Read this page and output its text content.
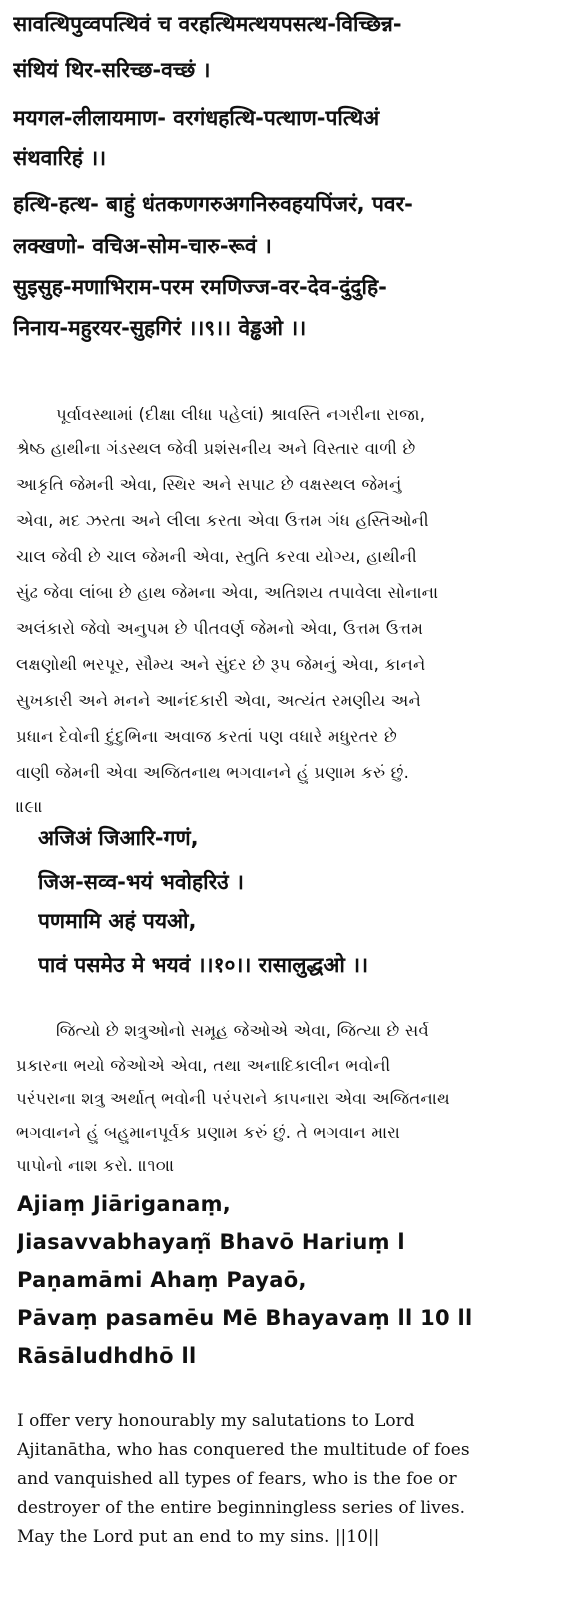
सावत्थिपुव्वपत्थिवं च वरहत्थिमत्थयपसत्थ-विच्छिन्न-
संथियं थिर-सरिच्छ-वच्छं ।
मयगल-लीलायमाण- वरगंधहत्थि-पत्थाण-पत्थिअं
संथवारिहं ।।
हत्थि-हत्थ- बाहुं धंतकणगरुअगनिरुवहयपिंजरं, पवर-
लक्खणो- वचिअ-सोम-चारु-रूवं ।
सुइसुह-मणाभिराम-परम रमणिज्ज-वर-देव-दुंदुहि-
निनाय-महुरयर-सुहगिरं ।।९।। वेड्ढओ ।।
પૂર્વાવસ્થામાં (દીક્ષા લીધા પહેલાં) શ્રાવસ્તિ નગરીના રાજા,
શ્રેષ્ઠ હાથીના ગંડસ્થલ જેવી પ્રશંસનીય અને વિસ્તાર વાળી છે
આકૃતિ જેમની એવા, સ્થિર અને સપાટ છે વક્ષસ્થલ જેમનું
એવા, મદ ઝરતા અને લીલા કરતા એવા ઉત્તમ ગંધ હસ્તિઓની
ચાલ જેવી છે ચાલ જેમની એવા, સ્તુતિ કરવા યોગ્ય, હાથીની
સુંઢ જેવા લાંબા છે હાથ જેમના એવા, અતિશય તપાવેલા સોનાના
અલંકારો જેવો અનુપમ છે પીતવર્ણ જેમનો એવા, ઉત્તમ ઉત્તમ
લક્ષણોથી ભરપૂર, સૌમ્ય અને સુંદર છે રૂપ જેમનું એવા, કાનને
સુખકારી અને મનને આનંદકારી એવા, અત્યંત રમણીય અને
પ્રધાન દેવોની દુંદુભિના અવાજ કરતાં પણ વધારે મધુરતર છે
વાણી જેમની એવા અજિતનાથ ભગવાનને હું પ્રણામ કરું છું.
॥૯॥
अजिअं जिआरि-गणं,
जिअ-सव्व-भयं भवोहरिउं ।
पणमामि अहं पयओ,
पावं पसमेउ मे भयवं ।।१०।। रासालुद्धओ ।।
જિત્યો છે શત્રુઓનો સમૂહ જેઓએ એવા, જિત્યા છે સર્વ
પ્રકારના ભયો જેઓએ એવા, તથા અનાદિકાલીન ભવોની
પરંપરાના શત્રુ અર્થાત્ ભવોની પરંપરાને કાપનારા એવા અજિતનાથ
ભગવાનને હું બહુમાનપૂર્વક પ્રણામ કરું છું. તે ભગવાન મારા
પાપોનો નાશ કરો. ॥૧૦॥
Ajiaṃ Jiāriganaṃ,
Jiasavvabhayaṃ̃ Bhavō Hariuṃ l
Paṇamāmi Ahaṃ Payaō,
Pāvaṃ pasamēu Mē Bhayavaṃ ll 10 ll
Rāsāludhdhō ll
I offer very honourably my salutations to Lord
Ajitanātha, who has conquered the multitude of foes
and vanquished all types of fears, who is the foe or
destroyer of the entire beginningless series of lives.
May the Lord put an end to my sins. ||10||
